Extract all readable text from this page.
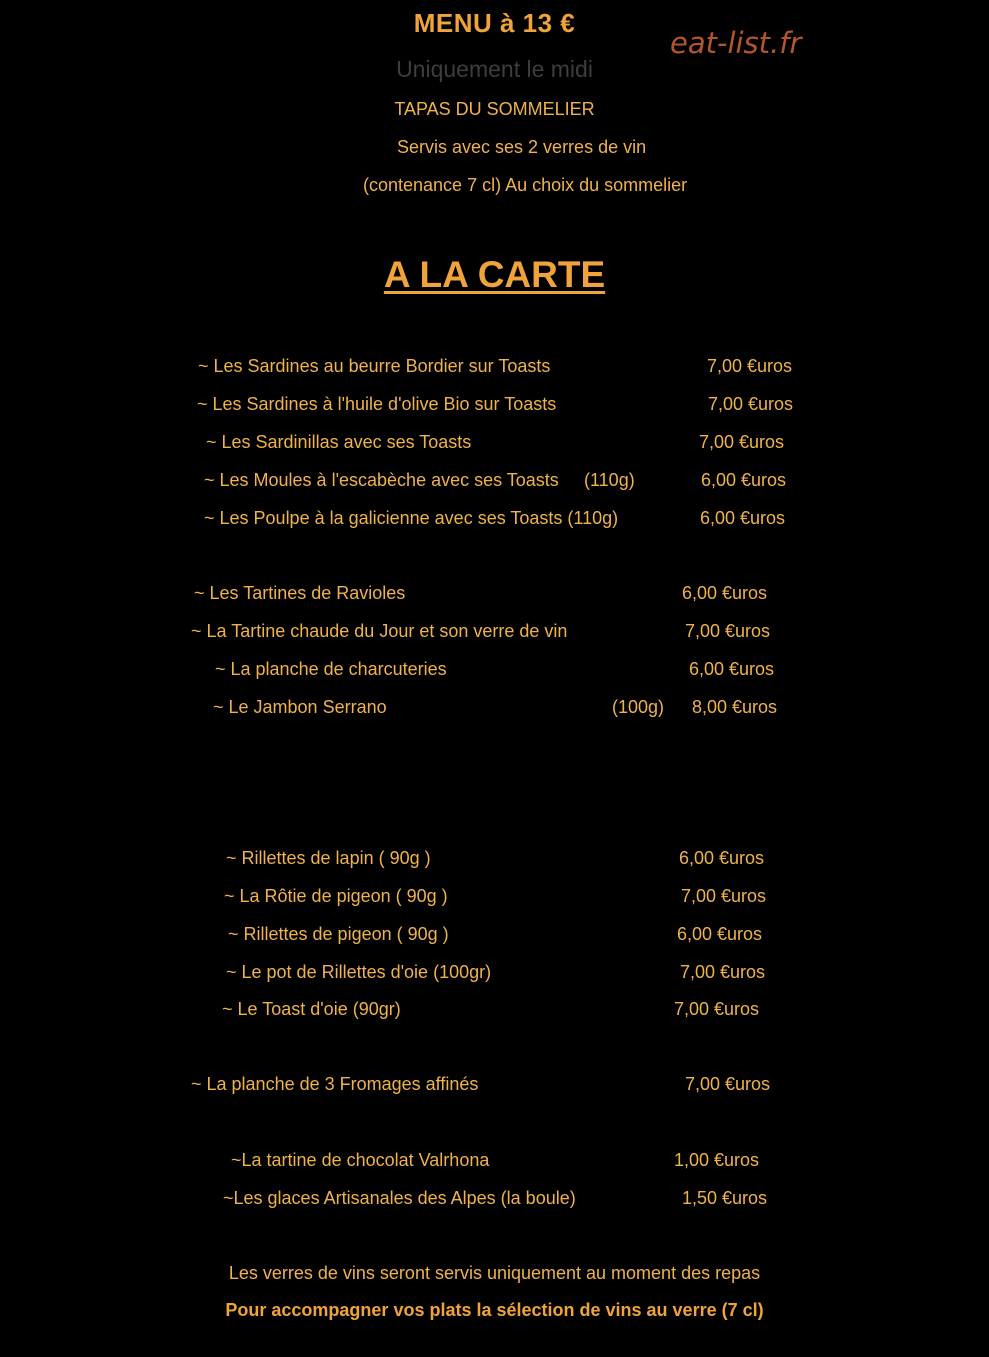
MENU à 13 €
eat-list.fr
Uniquement le midi
TAPAS DU SOMMELIER
Servis avec ses 2 verres de vin
(contenance 7 cl) Au choix du sommelier
A LA CARTE
~ Les Sardines au beurre Bordier sur Toasts	7,00 €uros
~ Les Sardines à l'huile d'olive Bio sur Toasts	7,00 €uros
~ Les Sardinillas avec ses Toasts	7,00 €uros
~ Les Moules à l'escabèche avec ses Toasts (110g)	6,00 €uros
~ Les Poulpe à la galicienne avec ses Toasts (110g)	6,00 €uros
~ Les Tartines de Ravioles	6,00 €uros
~ La Tartine chaude du Jour et son verre de vin	7,00 €uros
~ La planche de charcuteries	6,00 €uros
~ Le Jambon Serrano	(100g) 8,00 €uros
~ Rillettes de lapin ( 90g )	6,00 €uros
~ La Rôtie de pigeon ( 90g )	7,00 €uros
~ Rillettes de pigeon ( 90g )	6,00 €uros
~ Le pot de Rillettes d'oie (100gr)	7,00 €uros
~ Le Toast d'oie (90gr)	7,00 €uros
~ La planche de 3 Fromages affinés	7,00 €uros
~La tartine de chocolat Valrhona	1,00 €uros
~Les glaces Artisanales des Alpes (la boule)	1,50 €uros
Les verres de vins seront servis uniquement au moment des repas
Pour accompagner vos plats la sélection de vins au verre (7 cl)
